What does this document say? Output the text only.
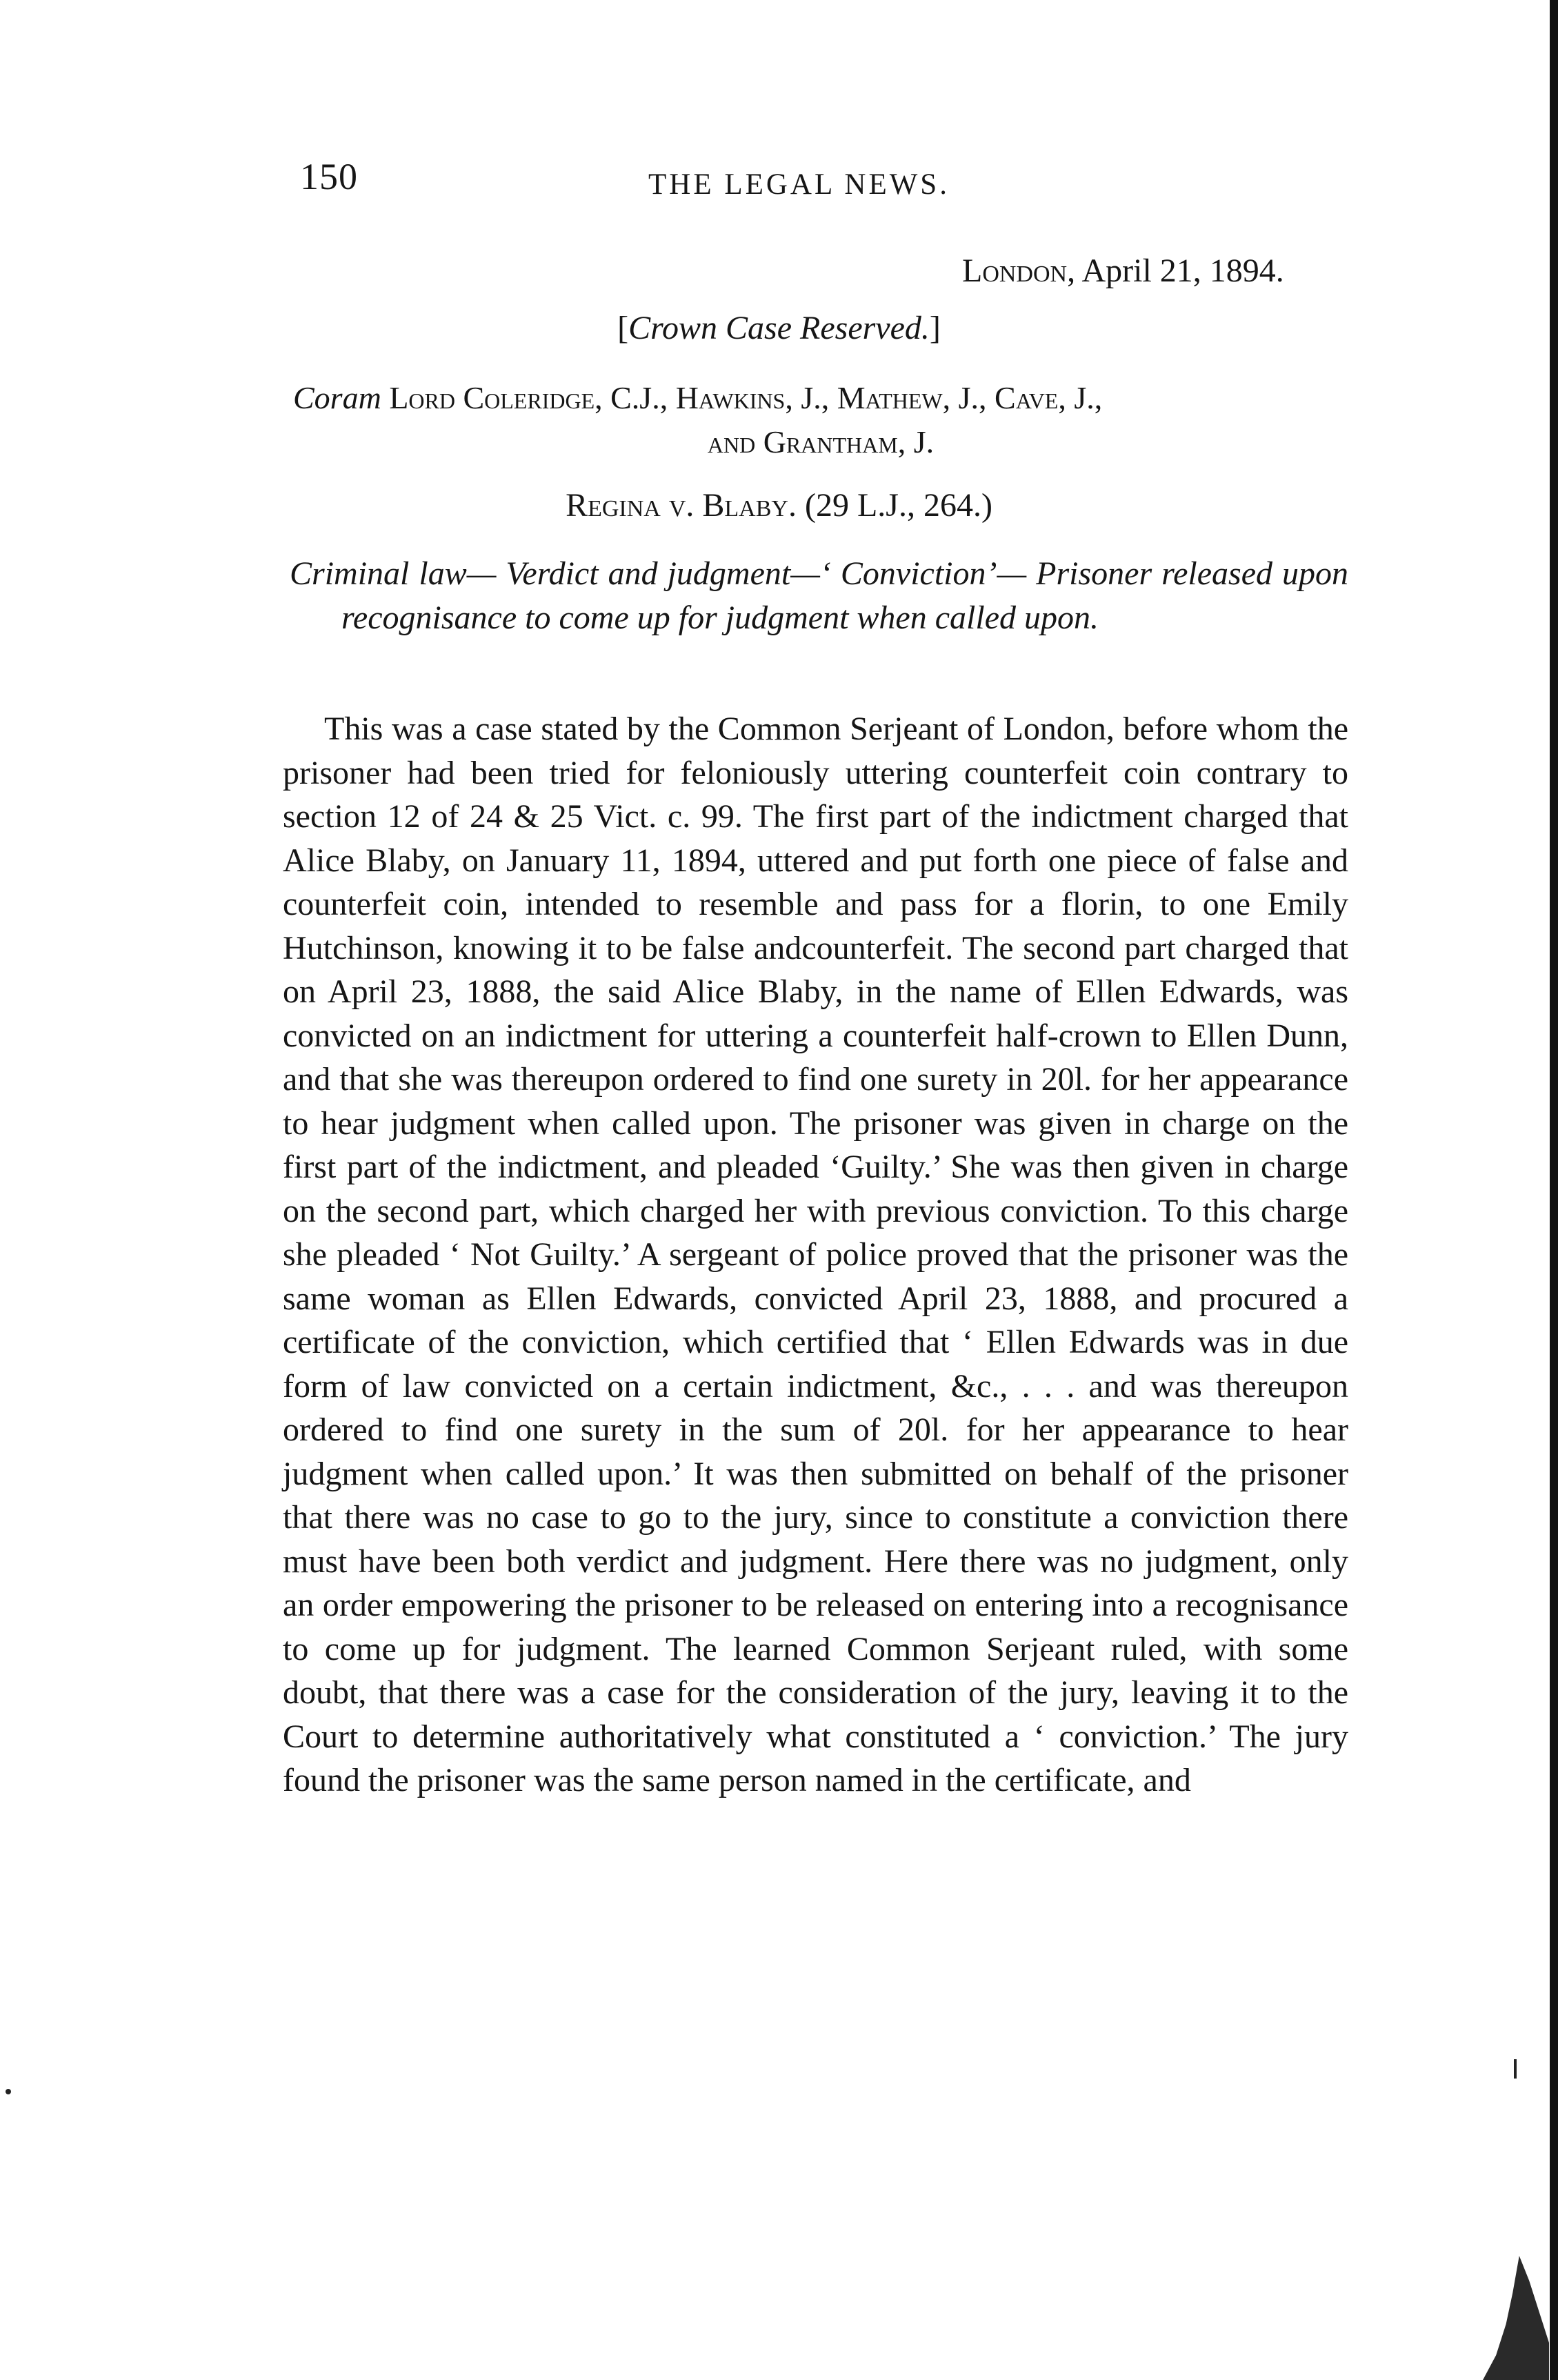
150	THE LEGAL NEWS.
London, April 21, 1894.
[Crown Case Reserved.]
Coram Lord Coleridge, C.J., Hawkins, J., Mathew, J., Cave, J.,
and Grantham, J.
Regina v. Blaby. (29 L.J., 264.)
Criminal law— Verdict and judgment—‘ Conviction’— Prisoner released upon recognisance to come up for judgment when called upon.

This was a case stated by the Common Serjeant of London, before whom the prisoner had been tried for feloniously uttering counterfeit coin contrary to section 12 of 24 & 25 Vict. c. 99. The first part of the indictment charged that Alice Blaby, on January 11, 1894, uttered and put forth one piece of false and counterfeit coin, intended to resemble and pass for a florin, to one Emily Hutchinson, knowing it to be false andcounterfeit. The second part charged that on April 23, 1888, the said Alice Blaby, in the name of Ellen Edwards, was convicted on an indictment for uttering a counterfeit half-crown to Ellen Dunn, and that she was thereupon ordered to find one surety in 20l. for her appearance to hear judgment when called upon. The prisoner was given in charge on the first part of the indictment, and pleaded ‘Guilty.’ She was then given in charge on the second part, which charged her with previous conviction. To this charge she pleaded ‘ Not Guilty.’ A sergeant of police proved that the prisoner was the same woman as Ellen Edwards, convicted April 23, 1888, and procured a certificate of the conviction, which certified that ‘ Ellen Edwards was in due form of law convicted on a certain indictment, &c., . . . and was thereupon ordered to find one surety in the sum of 20l. for her appearance to hear judgment when called upon.’ It was then submitted on behalf of the prisoner that there was no case to go to the jury, since to constitute a conviction there must have been both verdict and judgment. Here there was no judgment, only an order empowering the prisoner to be released on entering into a recognisance to come up for judgment. The learned Common Serjeant ruled, with some doubt, that there was a case for the consideration of the jury, leaving it to the Court to determine authoritatively what constituted a ‘ conviction.’ The jury found the prisoner was the same person named in the certificate, and
